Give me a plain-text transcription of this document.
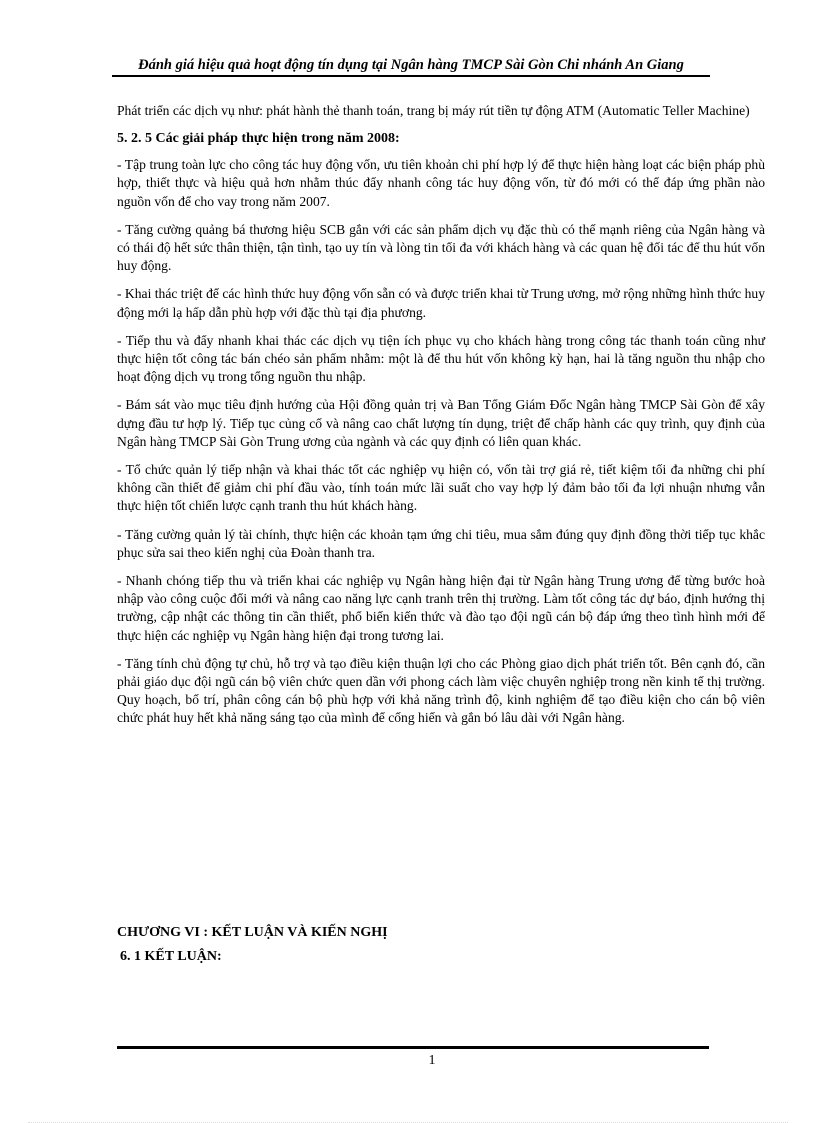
Đánh giá hiệu quả hoạt động tín dụng tại Ngân hàng TMCP Sài Gòn Chi nhánh An Giang

Phát triển các dịch vụ như: phát hành thẻ thanh toán, trang bị máy rút tiền tự động ATM (Automatic Teller Machine)

5. 2. 5 Các giải pháp thực hiện trong năm 2008:

- Tập trung toàn lực cho công tác huy động vốn, ưu tiên khoản chi phí hợp lý để thực hiện hàng loạt các biện pháp phù hợp, thiết thực và hiệu quả hơn nhằm thúc đẩy nhanh công tác huy động vốn, từ đó mới có thể đáp ứng phần nào nguồn vốn để cho vay trong năm 2007.

- Tăng cường quảng bá thương hiệu SCB gắn với các sản phẩm dịch vụ đặc thù có thế mạnh riêng của Ngân hàng và có thái độ hết sức thân thiện, tận tình, tạo uy tín và lòng tin tối đa với khách hàng và các quan hệ đối tác để thu hút vốn huy động.

- Khai thác triệt để các hình thức huy động vốn sẵn có và được triển khai từ Trung ương, mở rộng những hình thức huy động mới lạ hấp dẫn phù hợp với đặc thù tại địa phương.

- Tiếp thu và đẩy nhanh khai thác các dịch vụ tiện ích phục vụ cho khách hàng trong công tác thanh toán cũng như thực hiện tốt công tác bán chéo sản phẩm nhằm: một là để thu hút vốn không kỳ hạn, hai là tăng nguồn thu nhập cho hoạt động dịch vụ trong tổng nguồn thu nhập.

- Bám sát vào mục tiêu định hướng của Hội đồng quản trị và Ban Tổng Giám Đốc Ngân hàng TMCP Sài Gòn để xây dựng đầu tư hợp lý. Tiếp tục củng cố và nâng cao chất lượng tín dụng, triệt để chấp hành các quy trình, quy định của Ngân hàng TMCP Sài Gòn Trung ương của ngành và các quy định có liên quan khác.

- Tổ chức quản lý tiếp nhận và khai thác tốt các nghiệp vụ hiện có, vốn tài trợ giá rẻ, tiết kiệm tối đa những chi phí không cần thiết để giảm chi phí đầu vào, tính toán mức lãi suất cho vay hợp lý đảm bảo tối đa lợi nhuận nhưng vẫn thực hiện tốt chiến lược cạnh tranh thu hút khách hàng.

- Tăng cường quản lý tài chính, thực hiện các khoản tạm ứng chi tiêu, mua sắm đúng quy định đồng thời tiếp tục khắc phục sửa sai theo kiến nghị của Đoàn thanh tra.

- Nhanh chóng tiếp thu và triển khai các nghiệp vụ Ngân hàng hiện đại từ Ngân hàng Trung ương để từng bước hoà nhập vào công cuộc đổi mới và nâng cao năng lực cạnh tranh trên thị trường. Làm tốt công tác dự báo, định hướng thị trường, cập nhật các thông tin cần thiết, phổ biến kiến thức và đào tạo đội ngũ cán bộ đáp ứng theo tình hình mới để thực hiện các nghiệp vụ Ngân hàng hiện đại trong tương lai.

- Tăng tính chủ động tự chủ, hỗ trợ và tạo điều kiện thuận lợi cho các Phòng giao dịch phát triển tốt. Bên cạnh đó, cần phải giáo dục đội ngũ cán bộ viên chức quen dần với phong cách làm việc chuyên nghiệp trong nền kinh tế thị trường. Quy hoạch, bố trí, phân công cán bộ phù hợp với khả năng trình độ, kinh nghiệm để tạo điều kiện cho cán bộ viên chức phát huy hết khả năng sáng tạo của mình để cống hiến và gắn bó lâu dài với Ngân hàng.

CHƯƠNG VI : KẾT LUẬN VÀ KIẾN NGHỊ
6. 1 KẾT LUẬN:
1
